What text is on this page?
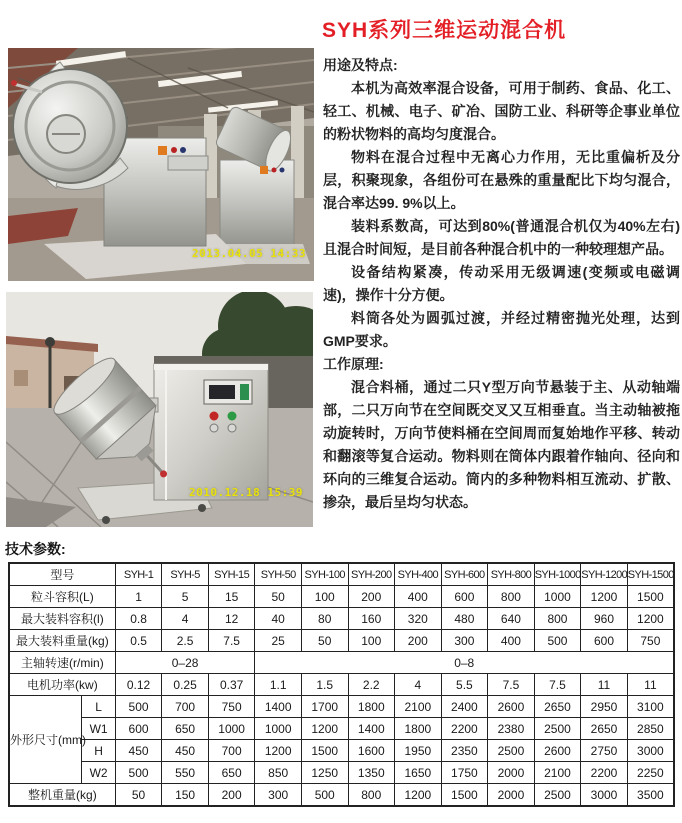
SYH系列三维运动混合机
2013.04.05 14:33
2010.12.18 15:39
用途及特点:
本机为高效率混合设备，可用于制药、食品、化工、轻工、机械、电子、矿冶、国防工业、科研等企事业单位的粉状物料的高均匀度混合。
物料在混合过程中无离心力作用，无比重偏析及分层，积聚现象，各组份可在悬殊的重量配比下均匀混合，混合率达99. 9%以上。
装料系数高，可达到80%(普通混合机仅为40%左右)且混合时间短，是目前各种混合机中的一种较理想产品。
设备结构紧凑，传动采用无级调速(变频或电磁调速)，操作十分方便。
料筒各处为圆弧过渡，并经过精密抛光处理，达到GMP要求。
工作原理:
混合料桶，通过二只Y型万向节悬装于主、从动轴端部，二只万向节在空间既交叉又互相垂直。当主动轴被拖动旋转时，万向节使料桶在空间周而复始地作平移、转动和翻滚等复合运动。物料则在筒体内跟着作轴向、径向和环向的三维复合运动。筒内的多种物料相互流动、扩散、掺杂，最后呈均匀状态。
技术参数:
型号		SYH-1	SYH-5	SYH-15	SYH-50	SYH-100	SYH-200	SYH-400	SYH-600	SYH-800	SYH-1000	SYH-1200	SYH-1500
粒斗容积(L)		1	5	15	50	100	200	400	600	800	1000	1200	1500
最大装料容积(l)		0.8	4	12	40	80	160	320	480	640	800	960	1200
最大装料重量(kg)		0.5	2.5	7.5	25	50	100	200	300	400	500	600	750
主轴转速(r/min)		0–28			0–8								
电机功率(kw)		0.12	0.25	0.37	1.1	1.5	2.2	4	5.5	7.5	7.5	11	11
外形尺寸(mm)	L	500	700	750	1400	1700	1800	2100	2400	2600	2650	2950	3100
	W1	600	650	1000	1000	1200	1400	1800	2200	2380	2500	2650	2850
	H	450	450	700	1200	1500	1600	1950	2350	2500	2600	2750	3000
	W2	500	550	650	850	1250	1350	1650	1750	2000	2100	2200	2250
整机重量(kg)		50	150	200	300	500	800	1200	1500	2000	2500	3000	3500
